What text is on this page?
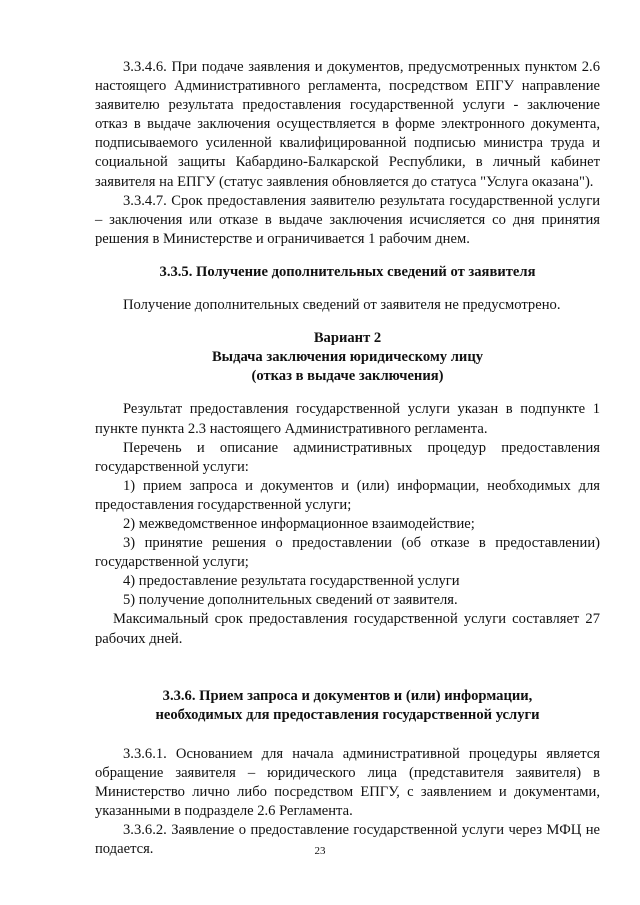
3.3.4.6. При подаче заявления и документов, предусмотренных пунктом 2.6 настоящего Административного регламента, посредством ЕПГУ направление заявителю результата предоставления государственной услуги - заключение отказ в выдаче заключения осуществляется в форме электронного документа, подписываемого усиленной квалифицированной подписью министра труда и социальной защиты Кабардино-Балкарской Республики, в личный кабинет заявителя на ЕПГУ (статус заявления обновляется до статуса "Услуга оказана").

3.3.4.7. Срок предоставления заявителю результата государственной услуги – заключения или отказе в выдаче заключения исчисляется со дня принятия решения в Министерстве и ограничивается 1 рабочим днем.

3.3.5. Получение дополнительных сведений от заявителя

Получение дополнительных сведений от заявителя не предусмотрено.

Вариант 2

Выдача заключения юридическому лицу

(отказ в выдаче заключения)

Результат предоставления государственной услуги указан в подпункте 1 пункте пункта 2.3 настоящего Административного регламента.

Перечень и описание административных процедур предоставления государственной услуги:

1) прием запроса и документов и (или) информации, необходимых для предоставления государственной услуги;

2) межведомственное информационное взаимодействие;

3) принятие решения о предоставлении (об отказе в предоставлении) государственной услуги;

4) предоставление результата государственной услуги

5) получение дополнительных сведений от заявителя.

Максимальный срок предоставления государственной услуги составляет 27 рабочих дней.

3.3.6. Прием запроса и документов и (или) информации,

необходимых для предоставления государственной услуги

3.3.6.1. Основанием для начала административной процедуры является обращение заявителя – юридического лица (представителя заявителя) в Министерство лично либо посредством ЕПГУ, с заявлением и документами, указанными в подразделе 2.6 Регламента.

3.3.6.2. Заявление о предоставление государственной услуги через МФЦ не подается.	23
